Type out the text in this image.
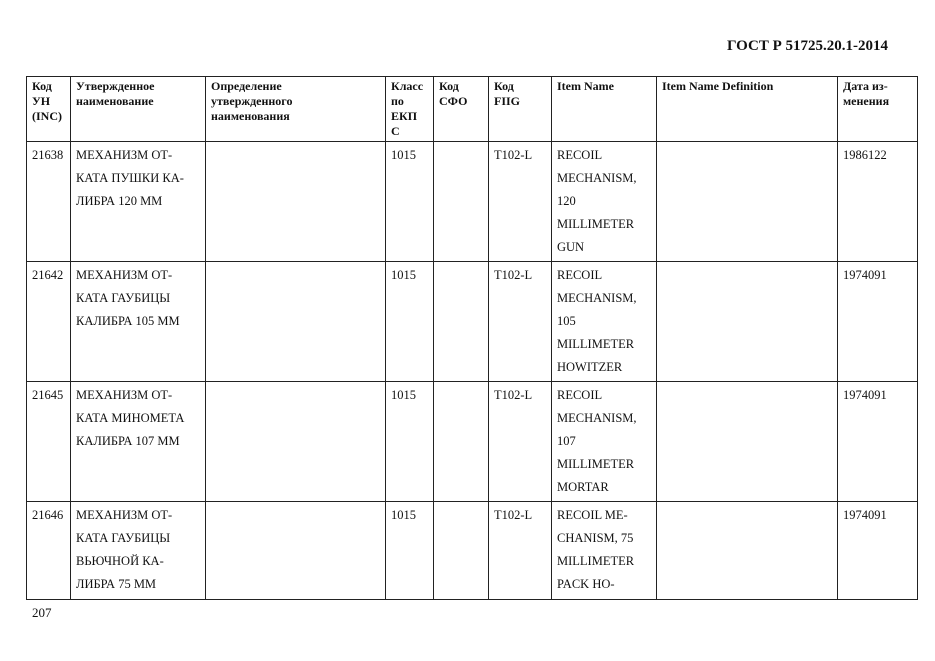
ГОСТ Р 51725.20.1-2014
Код
УН
(INC)	Утвержденное
наименование	Определение
утвержденного
наименования	Класс
по
ЕКП
С	Код
СФО	Код
FIIG	Item Name	Item Name Definition	Дата из-
менения

21638	МЕХАНИЗМ ОТ-
КАТА ПУШКИ КА-
ЛИБРА 120 ММ		1015		T102-L	RECOIL
MECHANISM,
120
MILLIMETER
GUN		1986122

21642	МЕХАНИЗМ ОТ-
КАТА ГАУБИЦЫ
КАЛИБРА 105 ММ		1015		T102-L	RECOIL
MECHANISM,
105
MILLIMETER
HOWITZER		1974091

21645	МЕХАНИЗМ ОТ-
КАТА МИНОМЕТА
КАЛИБРА 107 ММ		1015		T102-L	RECOIL
MECHANISM,
107
MILLIMETER
MORTAR		1974091

21646	МЕХАНИЗМ ОТ-
КАТА ГАУБИЦЫ
ВЬЮЧНОЙ КА-
ЛИБРА 75 ММ		1015		T102-L	RECOIL ME-
CHANISM, 75
MILLIMETER
PACK HO-		1974091
207
